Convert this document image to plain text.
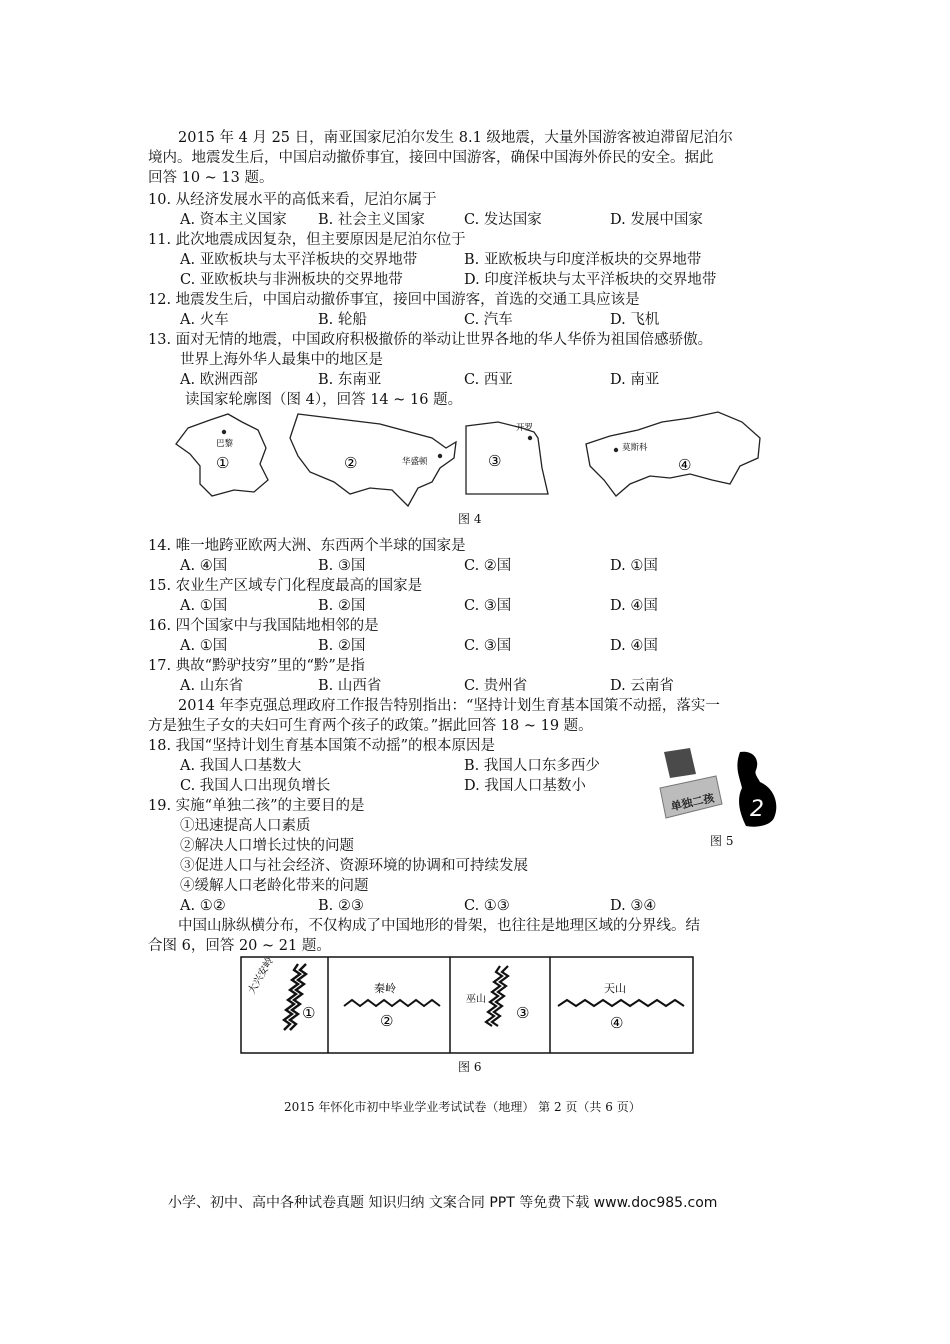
2015 年 4 月 25 日，南亚国家尼泊尔发生 8.1 级地震，大量外国游客被迫滞留尼泊尔
境内。地震发生后，中国启动撤侨事宜，接回中国游客，确保中国海外侨民的安全。据此
回答 10 ~ 13 题。
10. 从经济发展水平的高低来看，尼泊尔属于
A. 资本主义国家 B. 社会主义国家	C. 发达国家	D. 发展中国家
11. 此次地震成因复杂，但主要原因是尼泊尔位于
A. 亚欧板块与太平洋板块的交界地带	B. 亚欧板块与印度洋板块的交界地带
C. 亚欧板块与非洲板块的交界地带	D. 印度洋板块与太平洋板块的交界地带
12. 地震发生后，中国启动撤侨事宜，接回中国游客，首选的交通工具应该是
A. 火车	B. 轮船	C. 汽车	D. 飞机
13. 面对无情的地震，中国政府积极撤侨的举动让世界各地的华人华侨为祖国倍感骄傲。
世界上海外华人最集中的地区是
A. 欧洲西部	B. 东南亚	C. 西亚	D. 南亚
读国家轮廓图（图 4），回答 14 ~ 16 题。
巴黎
华盛顿
开罗
莫斯科
①	②	③	④
图 4
14. 唯一地跨亚欧两大洲、东西两个半球的国家是
A. ④国	B. ③国	C. ②国	D. ①国
15. 农业生产区域专门化程度最高的国家是
A. ①国	B. ②国	C. ③国	D. ④国
16. 四个国家中与我国陆地相邻的是
A. ①国	B. ②国	C. ③国	D. ④国
17. 典故“黔驴技穷”里的“黔”是指
A. 山东省	B. 山西省	C. 贵州省	D. 云南省
2014 年李克强总理政府工作报告特别指出：“坚持计划生育基本国策不动摇，落实一
方是独生子女的夫妇可生育两个孩子的政策。”据此回答 18 ~ 19 题。
18. 我国“坚持计划生育基本国策不动摇”的根本原因是
A. 我国人口基数大	B. 我国人口东多西少
C. 我国人口出现负增长	D. 我国人口基数小
单独二孩 2
图 5
19. 实施“单独二孩”的主要目的是
①迅速提高人口素质
②解决人口增长过快的问题
③促进人口与社会经济、资源环境的协调和可持续发展
④缓解人口老龄化带来的问题
A. ①②	B. ②③	C. ①③	D. ③④
中国山脉纵横分布，不仅构成了中国地形的骨架，也往往是地理区域的分界线。结
合图 6，回答 20 ~ 21 题。
大兴安岭
①
秦岭
②
巫山
③
天山
④
图 6
2015 年怀化市初中毕业学业考试试卷（地理） 第 2 页（共 6 页）
小学、初中、高中各种试卷真题 知识归纳 文案合同 PPT 等免费下载 www.doc985.com
